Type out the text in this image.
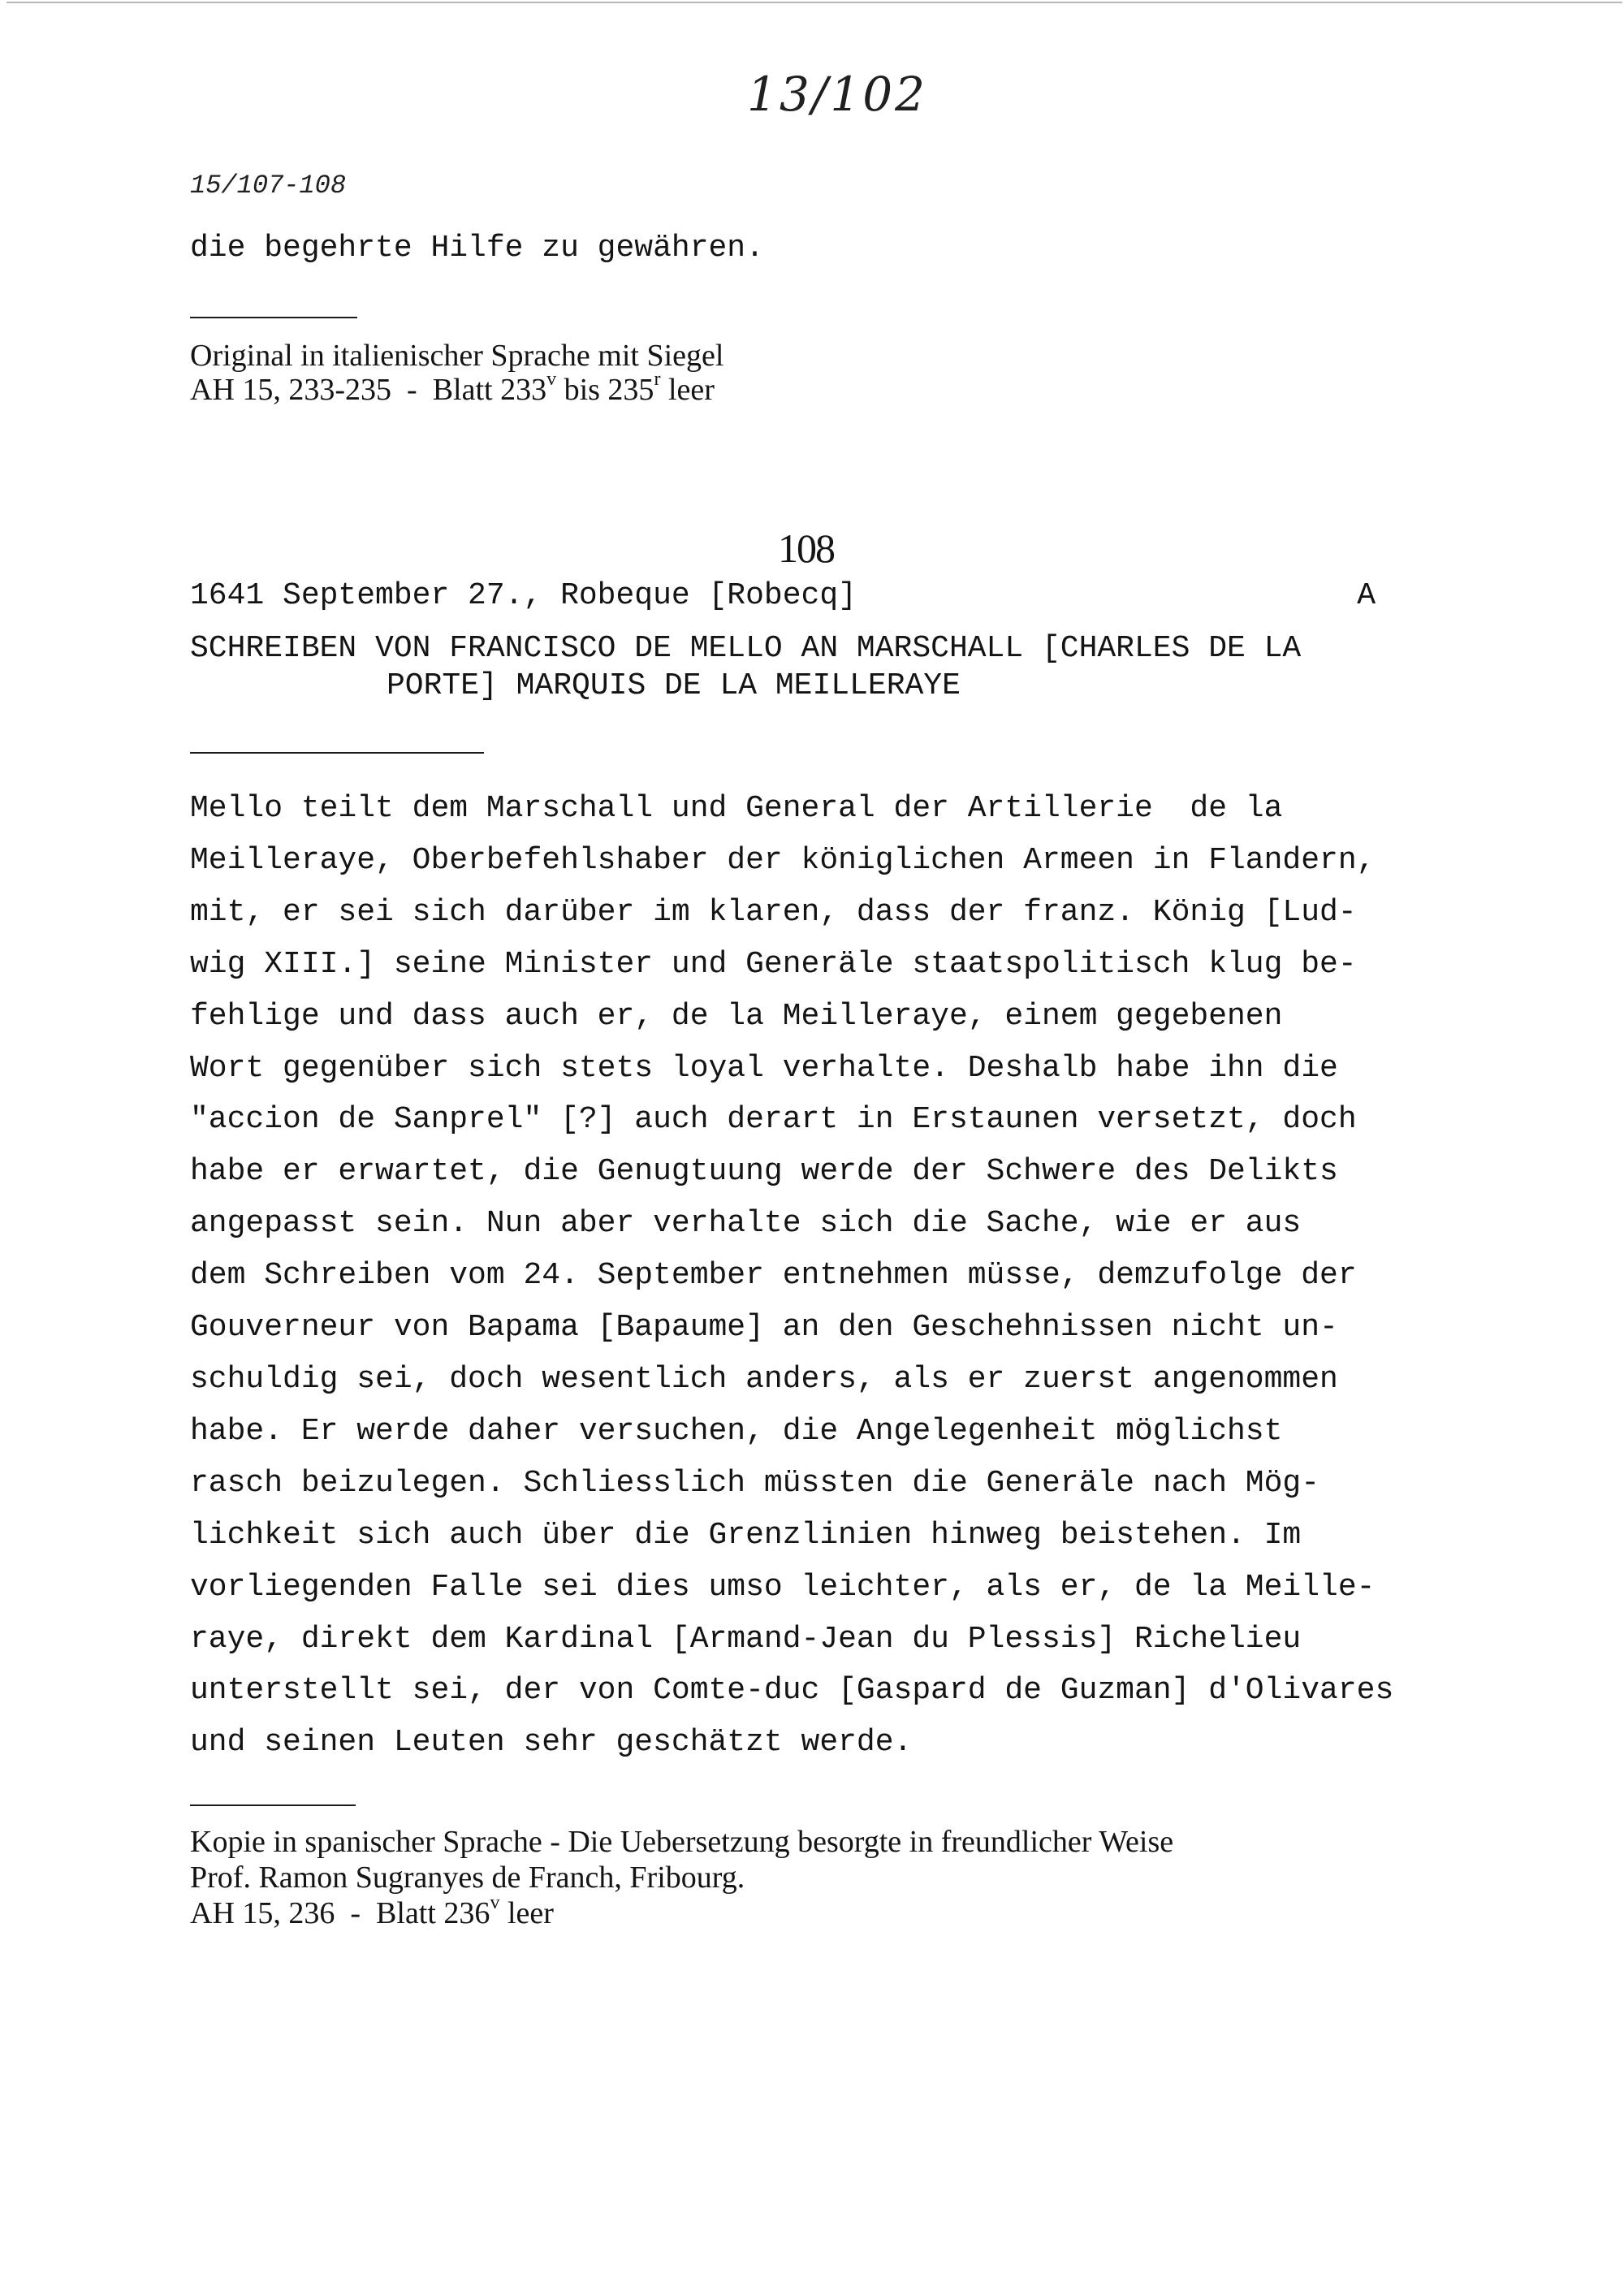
13/102
15/107-108
die begehrte Hilfe zu gewähren.
Original in italienischer Sprache mit Siegel
AH 15, 233-235  -  Blatt 233$^v$ bis 235$^r$ leer
108
1641 September 27., Robeque [Robecq]	A
SCHREIBEN VON FRANCISCO DE MELLO AN MARSCHALL [CHARLES DE LA
PORTE] MARQUIS DE LA MEILLERAYE
Mello teilt dem Marschall und General der Artillerie  de la
Meilleraye, Oberbefehlshaber der königlichen Armeen in Flandern,
mit, er sei sich darüber im klaren, dass der franz. König [Lud-
wig XIII.] seine Minister und Generäle staatspolitisch klug be-
fehlige und dass auch er, de la Meilleraye, einem gegebenen
Wort gegenüber sich stets loyal verhalte. Deshalb habe ihn die
"accion de Sanprel" [?] auch derart in Erstaunen versetzt, doch
habe er erwartet, die Genugtuung werde der Schwere des Delikts
angepasst sein. Nun aber verhalte sich die Sache, wie er aus
dem Schreiben vom 24. September entnehmen müsse, demzufolge der
Gouverneur von Bapama [Bapaume] an den Geschehnissen nicht un-
schuldig sei, doch wesentlich anders, als er zuerst angenommen
habe. Er werde daher versuchen, die Angelegenheit möglichst
rasch beizulegen. Schliesslich müssten die Generäle nach Mög-
lichkeit sich auch über die Grenzlinien hinweg beistehen. Im
vorliegenden Falle sei dies umso leichter, als er, de la Meille-
raye, direkt dem Kardinal [Armand-Jean du Plessis] Richelieu
unterstellt sei, der von Comte-duc [Gaspard de Guzman] d'Olivares
und seinen Leuten sehr geschätzt werde.
Kopie in spanischer Sprache - Die Uebersetzung besorgte in freundlicher Weise
Prof. Ramon Sugranyes de Franch, Fribourg.
AH 15, 236  -  Blatt 236$^v$ leer
